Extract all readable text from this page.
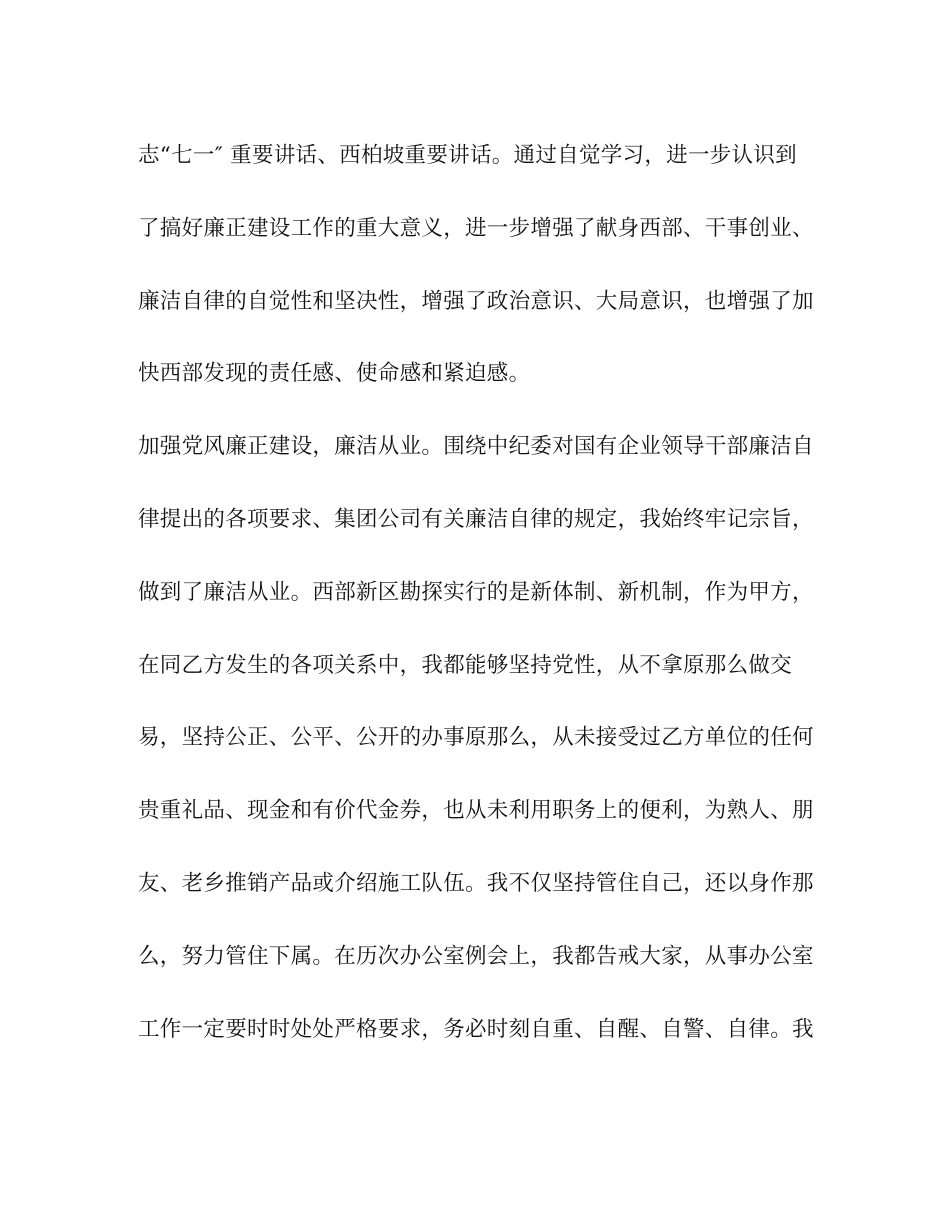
志“七一″ 重要讲话、西柏坡重要讲话。通过自觉学习，进一步认识到
了搞好廉正建设工作的重大意义，进一步增强了献身西部、干事创业、
廉洁自律的自觉性和坚决性，增强了政治意识、大局意识，也增强了加
快西部发现的责任感、使命感和紧迫感。
加强党风廉正建设，廉洁从业。围绕中纪委对国有企业领导干部廉洁自
律提出的各项要求、集团公司有关廉洁自律的规定，我始终牢记宗旨，
做到了廉洁从业。西部新区勘探实行的是新体制、新机制，作为甲方，
在同乙方发生的各项关系中，我都能够坚持党性，从不拿原那么做交
易，坚持公正、公平、公开的办事原那么，从未接受过乙方单位的任何
贵重礼品、现金和有价代金券，也从未利用职务上的便利，为熟人、朋
友、老乡推销产品或介绍施工队伍。我不仅坚持管住自己，还以身作那
么，努力管住下属。在历次办公室例会上，我都告戒大家，从事办公室
工作一定要时时处处严格要求，务必时刻自重、自醒、自警、自律。我
